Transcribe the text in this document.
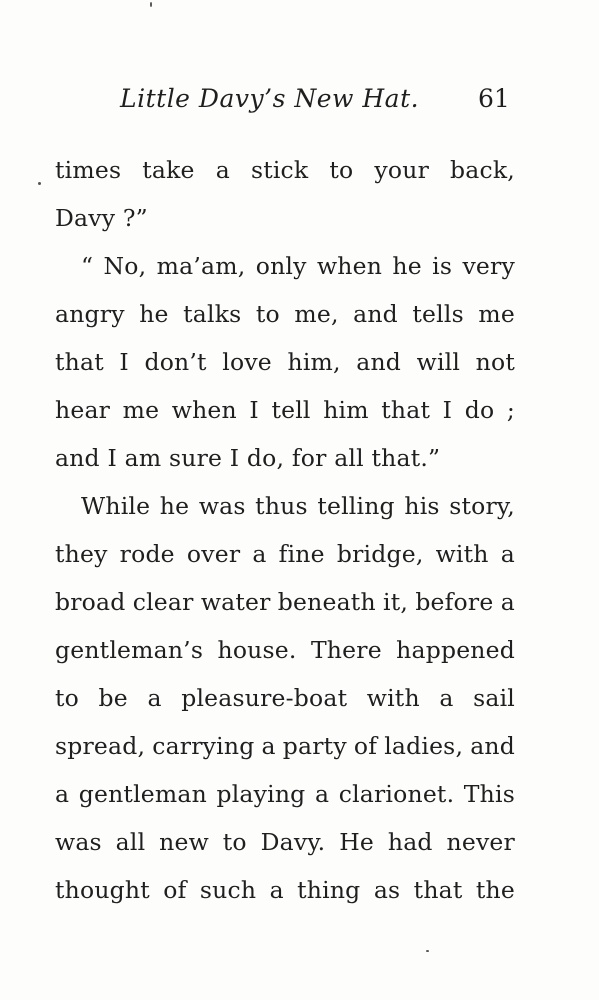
Little Davy’s New Hat. 61
times take a stick to your back,
Davy ?”
“ No, ma’am, only when he is very
angry he talks to me, and tells me
that I don’t love him, and will not
hear me when I tell him that I do ;
and I am sure I do, for all that.”
While he was thus telling his story,
they rode over a fine bridge, with a
broad clear water beneath it, before a
gentleman’s house. There happened
to be a pleasure-boat with a sail
spread, carrying a party of ladies, and
a gentleman playing a clarionet. This
was all new to Davy. He had never
thought of such a thing as that the
